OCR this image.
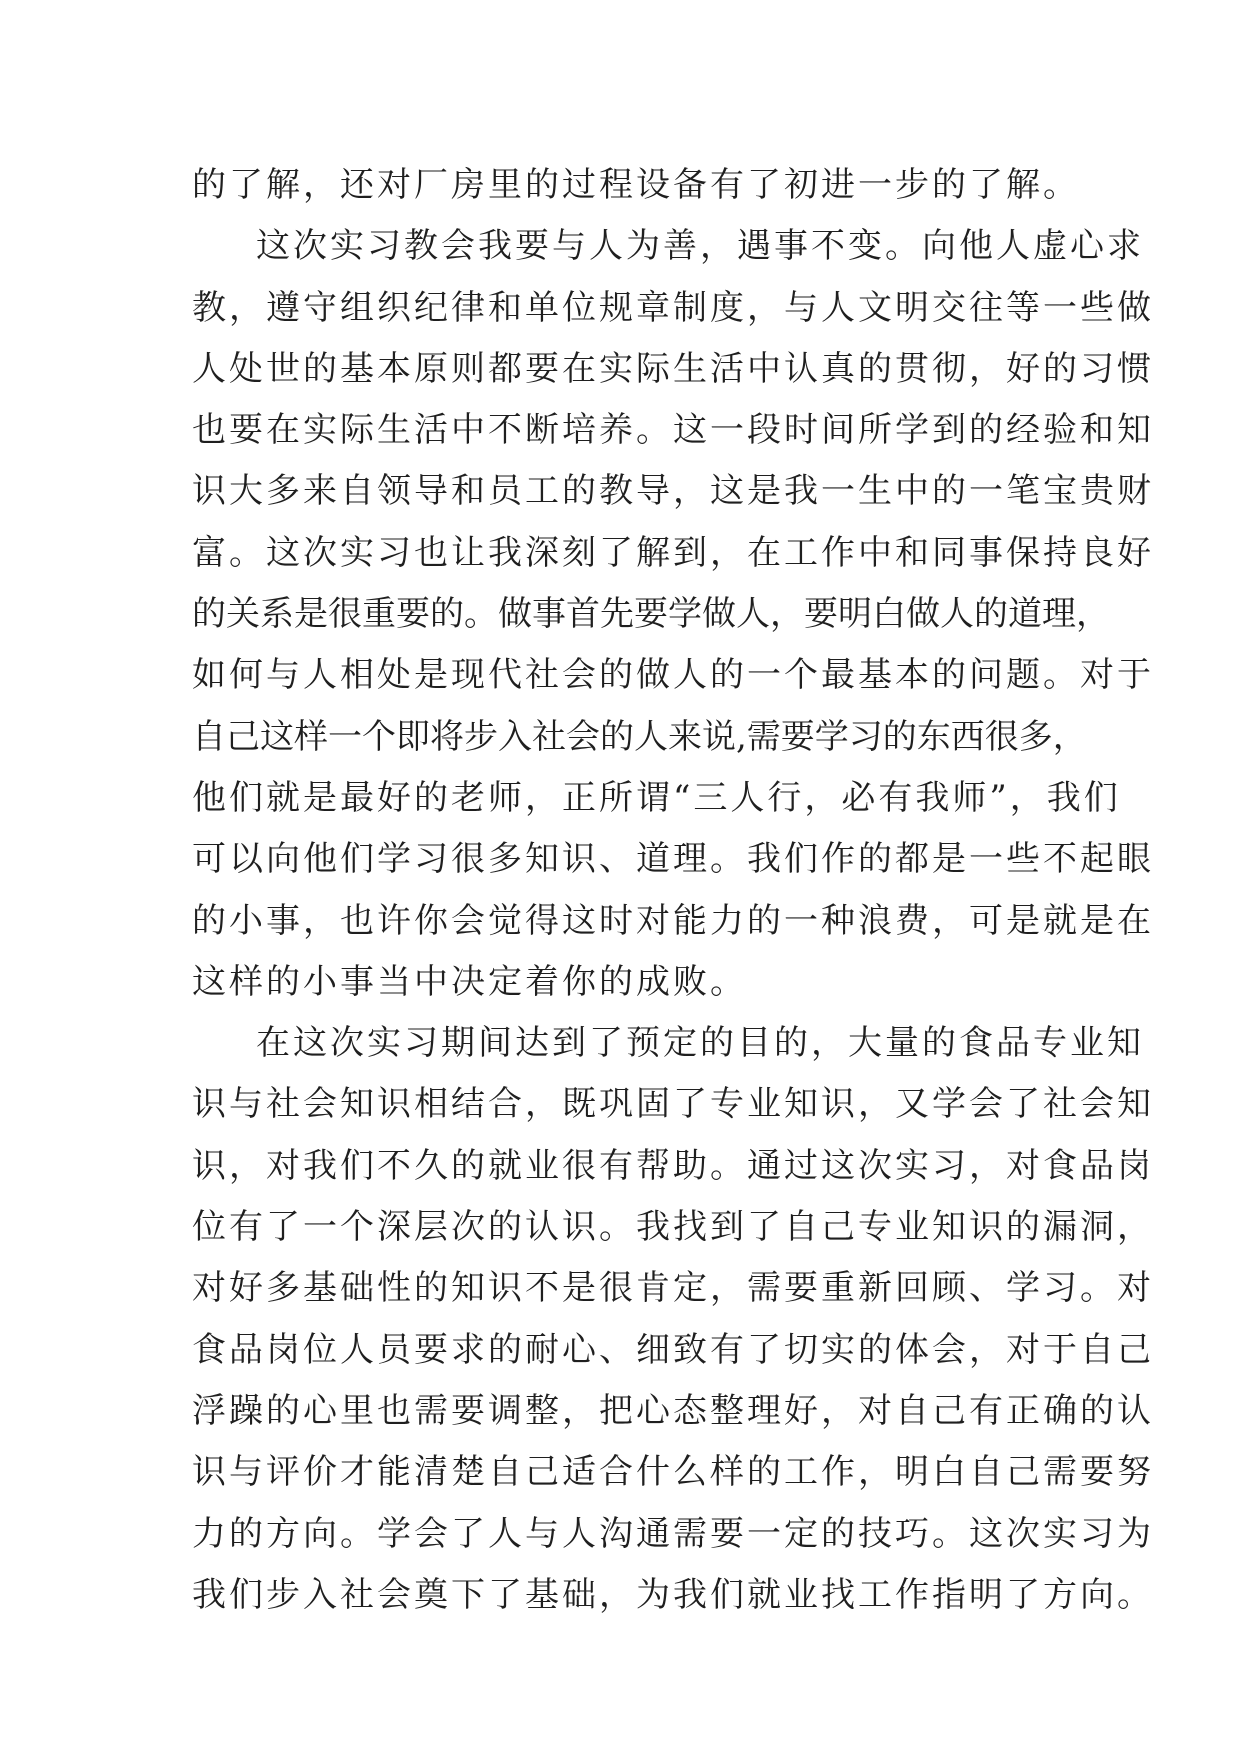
的了解，还对厂房里的过程设备有了初进一步的了解。
这次实习教会我要与人为善，遇事不变。向他人虚心求
教，遵守组织纪律和单位规章制度，与人文明交往等一些做
人处世的基本原则都要在实际生活中认真的贯彻，好的习惯
也要在实际生活中不断培养。这一段时间所学到的经验和知
识大多来自领导和员工的教导，这是我一生中的一笔宝贵财
富。这次实习也让我深刻了解到，在工作中和同事保持良好
的关系是很重要的。做事首先要学做人，要明白做人的道理，
如何与人相处是现代社会的做人的一个最基本的问题。对于
自己这样一个即将步入社会的人来说,需要学习的东西很多，
他们就是最好的老师，正所谓“三人行，必有我师”，我们
可以向他们学习很多知识、道理。我们作的都是一些不起眼
的小事，也许你会觉得这时对能力的一种浪费，可是就是在
这样的小事当中决定着你的成败。
在这次实习期间达到了预定的目的，大量的食品专业知
识与社会知识相结合，既巩固了专业知识，又学会了社会知
识，对我们不久的就业很有帮助。通过这次实习，对食品岗
位有了一个深层次的认识。我找到了自己专业知识的漏洞，
对好多基础性的知识不是很肯定，需要重新回顾、学习。对
食品岗位人员要求的耐心、细致有了切实的体会，对于自己
浮躁的心里也需要调整，把心态整理好，对自己有正确的认
识与评价才能清楚自己适合什么样的工作，明白自己需要努
力的方向。学会了人与人沟通需要一定的技巧。这次实习为
我们步入社会奠下了基础，为我们就业找工作指明了方向。
